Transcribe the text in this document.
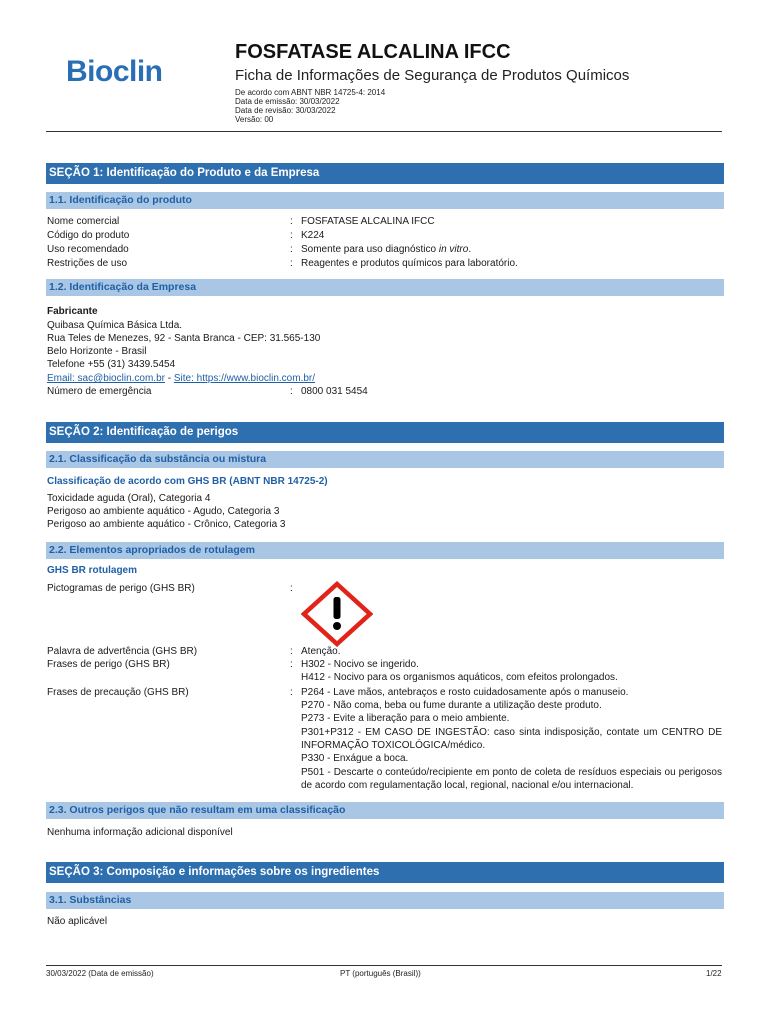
Bioclin
FOSFATASE ALCALINA IFCC
Ficha de Informações de Segurança de Produtos Químicos
De acordo com ABNT NBR 14725-4: 2014
Data de emissão: 30/03/2022
Data de revisão: 30/03/2022
Versão: 00
SEÇÃO 1: Identificação do Produto e da Empresa
1.1. Identificação do produto
Nome comercial	: FOSFATASE ALCALINA IFCC
Código do produto	: K224
Uso recomendado	: Somente para uso diagnóstico in vitro.
Restrições de uso	: Reagentes e produtos químicos para laboratório.
1.2. Identificação da Empresa
Fabricante
Quibasa Química Básica Ltda.
Rua Teles de Menezes, 92 - Santa Branca - CEP: 31.565-130
Belo Horizonte - Brasil
Telefone +55 (31) 3439.5454
Email: sac@bioclin.com.br - Site: https://www.bioclin.com.br/
Número de emergência	: 0800 031 5454
SEÇÃO 2: Identificação de perigos
2.1. Classificação da substância ou mistura
Classificação de acordo com GHS BR (ABNT NBR 14725-2)
Toxicidade aguda (Oral), Categoria 4
Perigoso ao ambiente aquático - Agudo, Categoria 3
Perigoso ao ambiente aquático - Crônico, Categoria 3
2.2. Elementos apropriados de rotulagem
GHS BR rotulagem
Pictogramas de perigo (GHS BR)	:
Palavra de advertência (GHS BR)	: Atenção.
Frases de perigo (GHS BR)	: H302 - Nocivo se ingerido.
H412 - Nocivo para os organismos aquáticos, com efeitos prolongados.
Frases de precaução (GHS BR)	: P264 - Lave mãos, antebraços e rosto cuidadosamente após o manuseio.
P270 - Não coma, beba ou fume durante a utilização deste produto.
P273 - Evite a liberação para o meio ambiente.
P301+P312 - EM CASO DE INGESTÃO: caso sinta indisposição, contate um CENTRO DE INFORMAÇÃO TOXICOLÓGICA/médico.
P330 - Enxágue a boca.
P501 - Descarte o conteúdo/recipiente em ponto de coleta de resíduos especiais ou perigosos de acordo com regulamentação local, regional, nacional e/ou internacional.
2.3. Outros perigos que não resultam em uma classificação
Nenhuma informação adicional disponível
SEÇÃO 3: Composição e informações sobre os ingredientes
3.1. Substâncias
Não aplicável
30/03/2022 (Data de emissão)	PT (português (Brasil))	1/22
